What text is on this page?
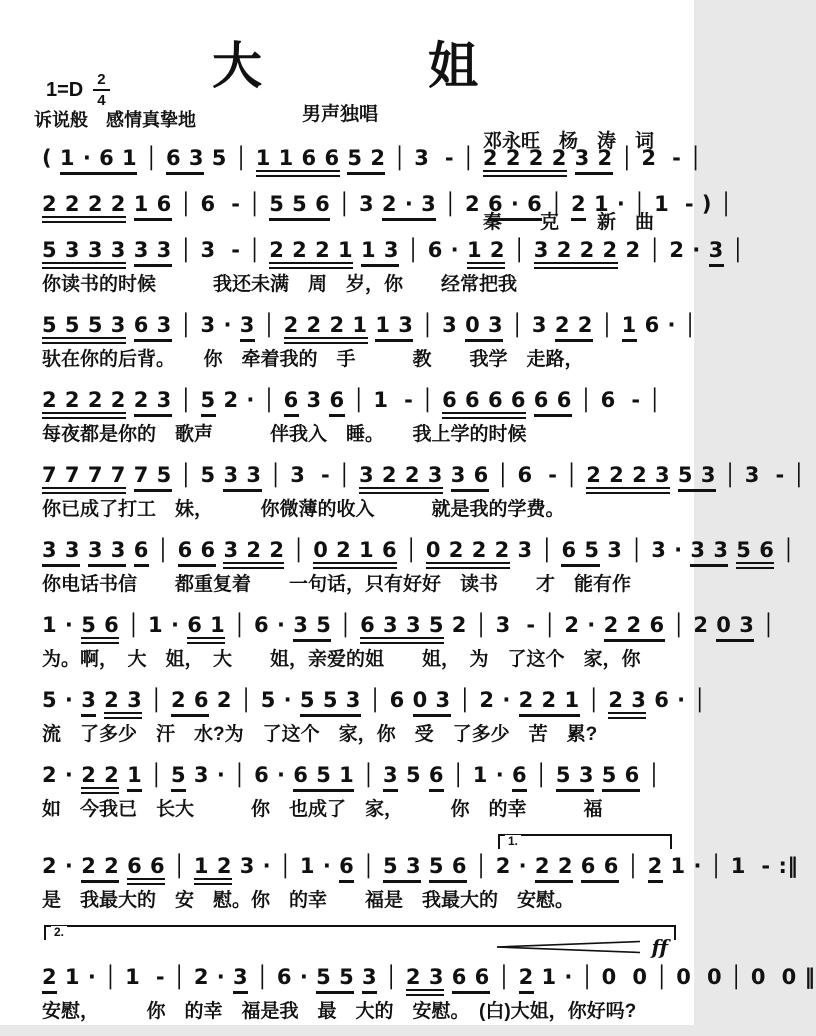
大　　　姐
$1=D \frac{2}{4}$
男声独唱

邓永旺　杨　涛　词

秦　　克　　新　曲

诉说般　感情真挚地
( 1 · 6 1 │ 6 3 5 │ 1 1 6 6 5 2 │ 3  - │ 2 2 2 2 3 2 │ 2  - │
2 2 2 2 1 6 │ 6  - │ 5 5 6 │ 3 2 · 3 │ 2 6 · 6 │ 2 1 · │ 1  - ) │
5 3 3 3 3 3 │ 3  - │ 2 2 2 1 1 3 │ 6 · 1 2 │ 3 2 2 2 2 │ 2 · 3 │
你读书的时候　　　我还未满　周　岁，你　　经常把我
5 5 5 3 6 3 │ 3 · 3 │ 2 2 2 1 1 3 │ 3 0 3 │ 3 2 2 │ 1 6 · │
驮在你的后背。　　你　牵着我的　手　　　教　　我学　走路，
2 2 2 2 2 3 │ 5 2 · │ 6 3 6 │ 1  - │ 6 6 6 6 6 6 │ 6  - │
每夜都是你的　歌声　　　伴我入　睡。　　我上学的时候
7 7 7 7 7 5 │ 5 3 3 │ 3  - │ 3 2 2 3 3 6 │ 6  - │ 2 2 2 3 5 3 │ 3  - │
你已成了打工　妹，　　　你微薄的收入　　　就是我的学费。
3 3 3 3 6 │ 6 6 3 2 2 │ 0 2 1 6 │ 0 2 2 2 3 │ 6 5 3 │ 3 · 3 3 5 6 │
你电话书信　　都重复着　　一句话，只有好好　读书　　才　能有作
1 · 5 6 │ 1 · 6 1 │ 6 · 3 5 │ 6 3 3 5 2 │ 3  - │ 2 · 2 2 6 │ 2 0 3 │
为。啊，　大　姐，　大　　姐，亲爱的姐　　姐，　为　了这个　家，你
5 · 3 2 3 │ 2 6 2 │ 5 · 5 5 3 │ 6 0 3 │ 2 · 2 2 1 │ 2 3 6 · │
流　了多少　汗　水?为　了这个　家，你　受　了多少　苦　累?
2 · 2 2 1 │ 5 3 · │ 6 · 6 5 1 │ 3 5 6 │ 1 · 6 │ 5 3 5 6 │
如　今我已　长大　　　你　也成了　家，　　　你　的幸　　　福
1.
2 · 2 2 6 6 │ 1 2 3 · │ 1 · 6 │ 5 3 5 6 │ 2 · 2 2 6 6 │ 2 1 · │ 1  - :‖
是　我最大的　安　慰。你　的幸　　福是　我最大的　安慰。
2.
ff
2 1 · │ 1  - │ 2 · 3 │ 6 · 5 5 3 │ 2 3 6 6 │ 2 1 · │ 0  0 │ 0  0 │ 0  0 ‖
安慰，　　　你　的幸　福是我　最　大的　安慰。　(白)大姐，你好吗?
